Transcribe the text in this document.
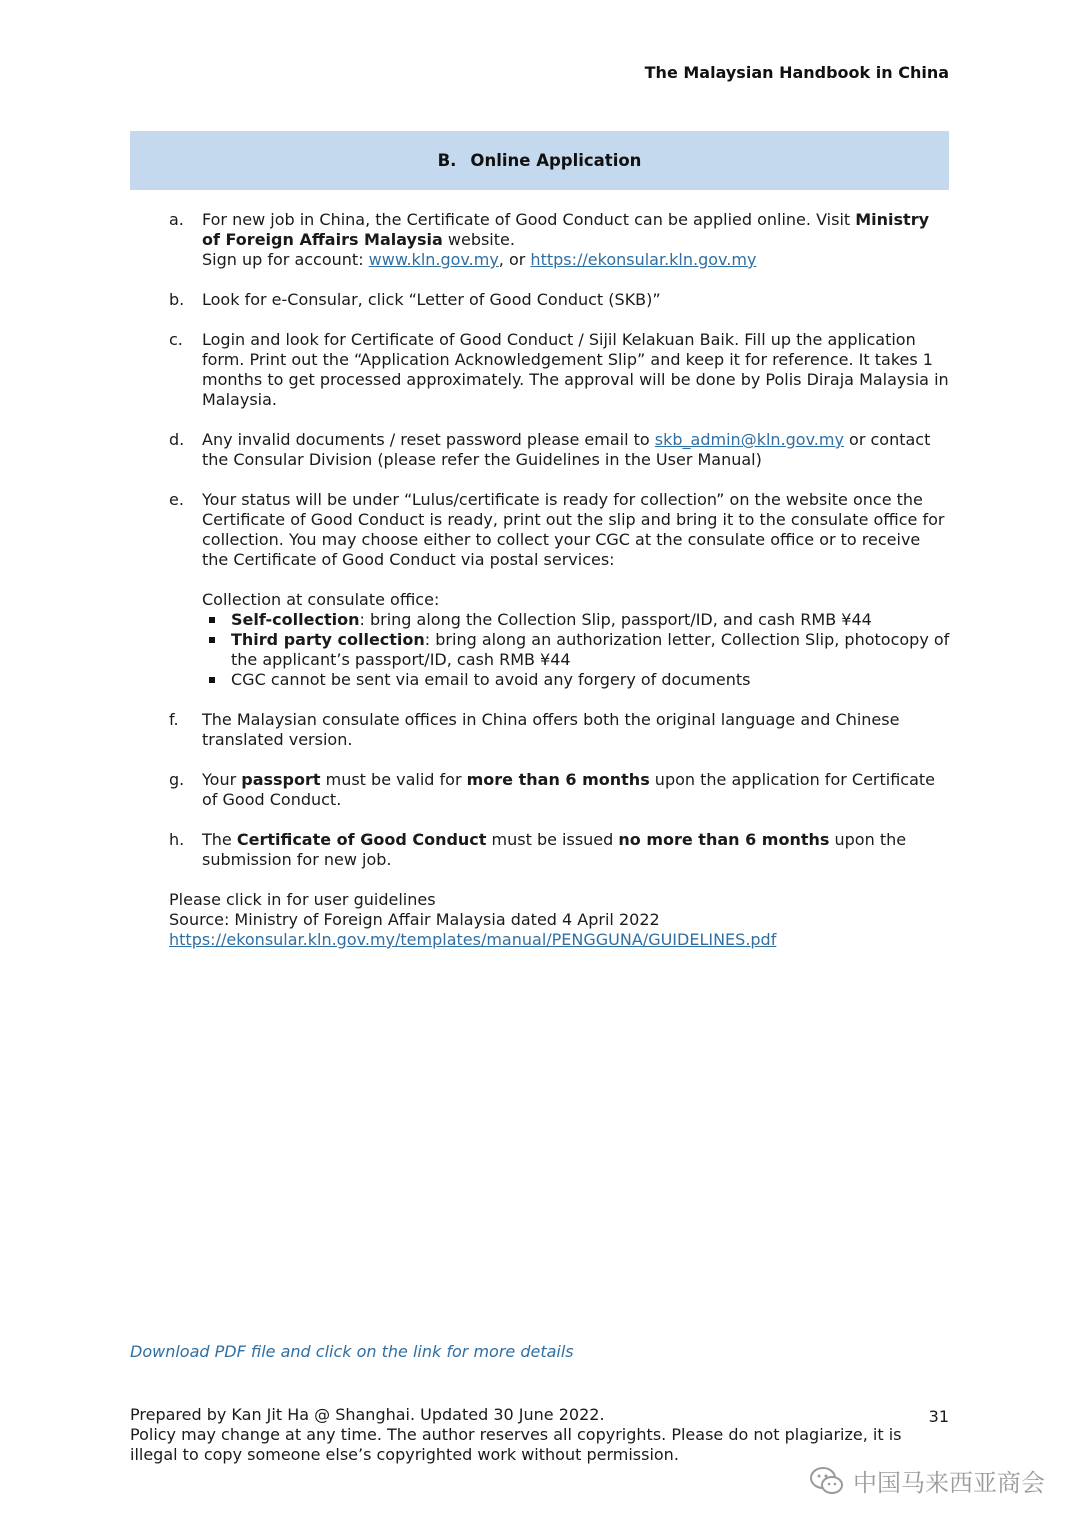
The Malaysian Handbook in China
B. Online Application
a.	For new job in China, the Certificate of Good Conduct can be applied online. Visit Ministry of Foreign Affairs Malaysia website.
Sign up for account: www.kln.gov.my, or https://ekonsular.kln.gov.my
b.	Look for e-Consular, click “Letter of Good Conduct (SKB)”
c.	Login and look for Certificate of Good Conduct / Sijil Kelakuan Baik. Fill up the application form. Print out the “Application Acknowledgement Slip” and keep it for reference. It takes 1 months to get processed approximately. The approval will be done by Polis Diraja Malaysia in Malaysia.
d.	Any invalid documents / reset password please email to skb_admin@kln.gov.my or contact the Consular Division (please refer the Guidelines in the User Manual)
e.	Your status will be under “Lulus/certificate is ready for collection” on the website once the Certificate of Good Conduct is ready, print out the slip and bring it to the consulate office for collection. You may choose either to collect your CGC at the consulate office or to receive the Certificate of Good Conduct via postal services:
Collection at consulate office:
Self-collection: bring along the Collection Slip, passport/ID, and cash RMB ¥44
Third party collection: bring along an authorization letter, Collection Slip, photocopy of the applicant’s passport/ID, cash RMB ¥44
CGC cannot be sent via email to avoid any forgery of documents
f.	The Malaysian consulate offices in China offers both the original language and Chinese translated version.
g.	Your passport must be valid for more than 6 months upon the application for Certificate of Good Conduct.
h.	The Certificate of Good Conduct must be issued no more than 6 months upon the submission for new job.
Please click in for user guidelines
Source: Ministry of Foreign Affair Malaysia dated 4 April 2022
https://ekonsular.kln.gov.my/templates/manual/PENGGUNA/GUIDELINES.pdf
Download PDF file and click on the link for more details
Prepared by Kan Jit Ha @ Shanghai. Updated 30 June 2022.
Policy may change at any time. The author reserves all copyrights. Please do not plagiarize, it is illegal to copy someone else’s copyrighted work without permission.
31
中国马来西亚商会
